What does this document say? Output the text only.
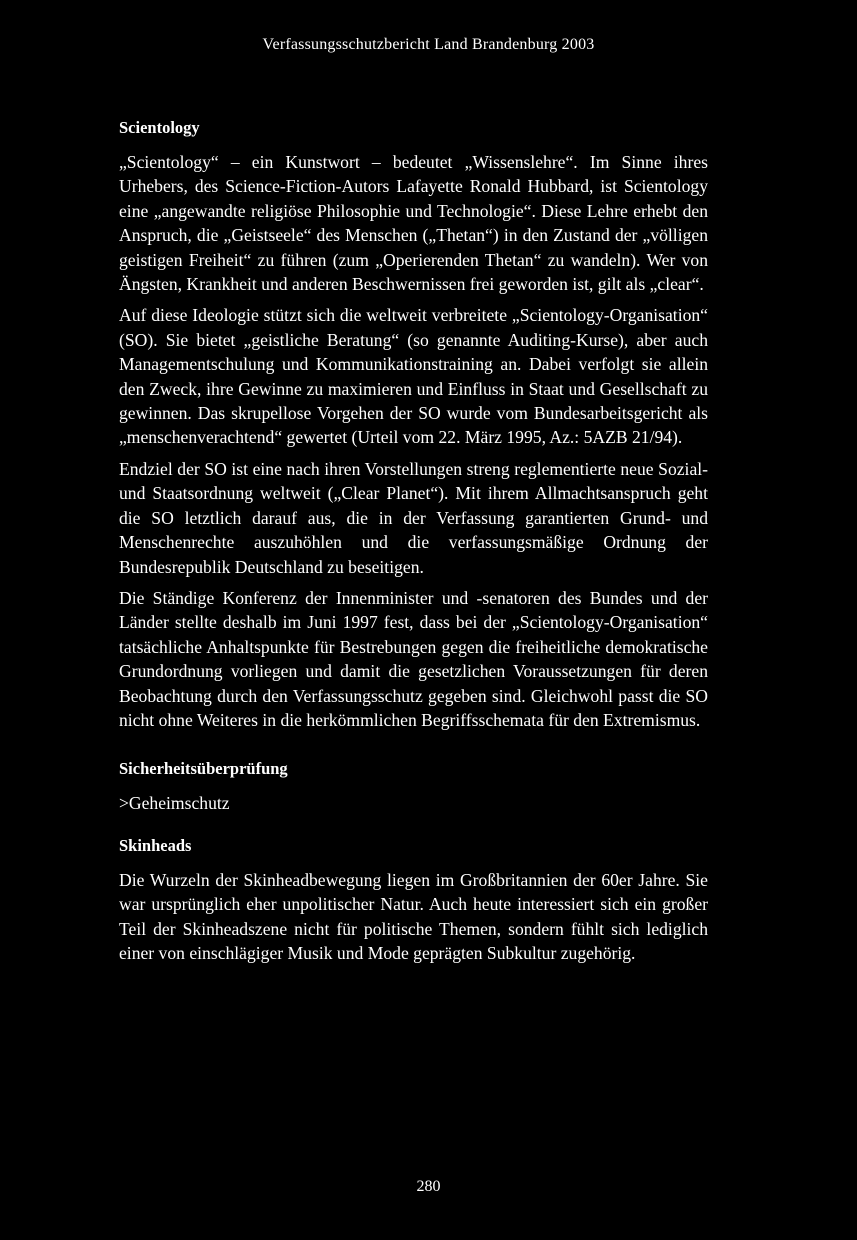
Verfassungsschutzbericht Land Brandenburg 2003
Scientology

„Scientology“ – ein Kunstwort – bedeutet „Wissenslehre“. Im Sinne ihres Urhebers, des Science-Fiction-Autors Lafayette Ronald Hubbard, ist Scientology eine „angewandte religiöse Philosophie und Technologie“. Diese Lehre erhebt den Anspruch, die „Geistseele“ des Menschen („Thetan“) in den Zustand der „völligen geistigen Freiheit“ zu führen (zum „Operierenden Thetan“ zu wandeln). Wer von Ängsten, Krankheit und anderen Beschwernissen frei geworden ist, gilt als „clear“.

Auf diese Ideologie stützt sich die weltweit verbreitete „Scientology-Organisation“ (SO). Sie bietet „geistliche Beratung“ (so genannte Auditing-Kurse), aber auch Managementschulung und Kommunikationstraining an. Dabei verfolgt sie allein den Zweck, ihre Gewinne zu maximieren und Einfluss in Staat und Gesellschaft zu gewinnen. Das skrupellose Vorgehen der SO wurde vom Bundesarbeitsgericht als „menschenverachtend“ gewertet (Urteil vom 22. März 1995, Az.: 5AZB 21/94).

Endziel der SO ist eine nach ihren Vorstellungen streng reglementierte neue Sozial- und Staatsordnung weltweit („Clear Planet“). Mit ihrem Allmachtsanspruch geht die SO letztlich darauf aus, die in der Verfassung garantierten Grund- und Menschenrechte auszuhöhlen und die verfassungsmäßige Ordnung der Bundesrepublik Deutschland zu beseitigen.

Die Ständige Konferenz der Innenminister und -senatoren des Bundes und der Länder stellte deshalb im Juni 1997 fest, dass bei der „Scientology-Organisation“ tatsächliche Anhaltspunkte für Bestrebungen gegen die freiheitliche demokratische Grundordnung vorliegen und damit die gesetzlichen Voraussetzungen für deren Beobachtung durch den Verfassungsschutz gegeben sind. Gleichwohl passt die SO nicht ohne Weiteres in die herkömmlichen Begriffsschemata für den Extremismus.

Sicherheitsüberprüfung

>Geheimschutz

Skinheads

Die Wurzeln der Skinheadbewegung liegen im Großbritannien der 60er Jahre. Sie war ursprünglich eher unpolitischer Natur. Auch heute interessiert sich ein großer Teil der Skinheadszene nicht für politische Themen, sondern fühlt sich lediglich einer von einschlägiger Musik und Mode geprägten Subkultur zugehörig.

280
